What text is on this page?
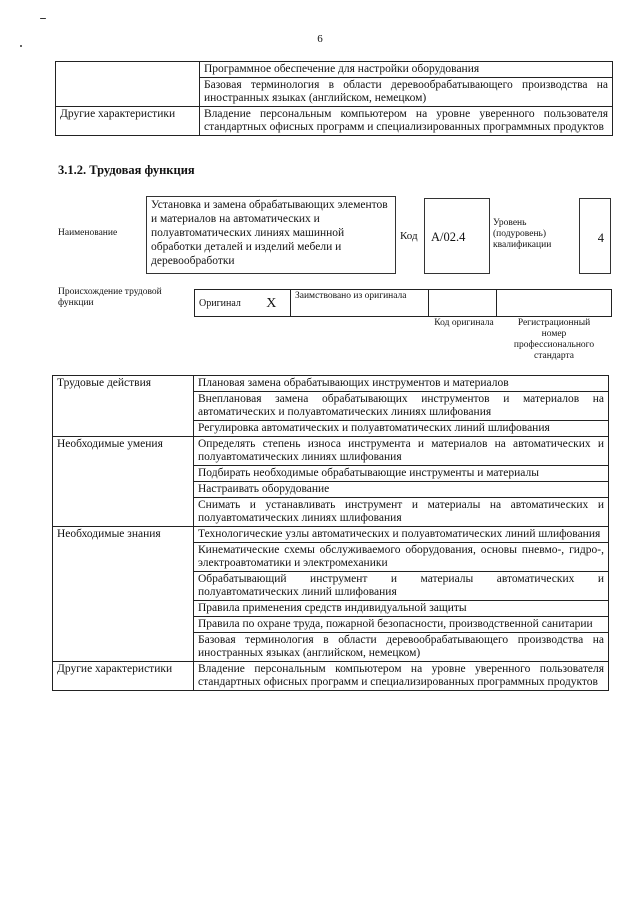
6
	Программное обеспечение для настройки оборудования
	Базовая терминология в области деревообрабатывающего производства на иностранных языках (английском, немецком)
Другие характеристики	Владение персональным компьютером на уровне уверенного пользователя стандартных офисных программ и специализированных программных продуктов
3.1.2. Трудовая функция
Наименование
Установка и замена обрабатывающих элементов и материалов на автоматических и полуавтоматических линиях машинной обработки деталей и изделий мебели и деревообработки
Код A/02.4
Уровень (подуровень) квалификации	4
Происхождение трудовой функции	Оригинал	X	Заимствовано из оригинала		
Код оригинала	Регистрационный номер профессионального стандарта
Трудовые действия	Плановая замена обрабатывающих инструментов и материалов
	Внеплановая замена обрабатывающих инструментов и материалов на автоматических и полуавтоматических линиях шлифования
	Регулировка автоматических и полуавтоматических линий шлифования
Необходимые умения	Определять степень износа инструмента и материалов на автоматических и полуавтоматических линиях шлифования
	Подбирать необходимые обрабатывающие инструменты и материалы
	Настраивать оборудование
	Снимать и устанавливать инструмент и материалы на автоматических и полуавтоматических линиях шлифования
Необходимые знания	Технологические узлы автоматических и полуавтоматических линий шлифования
	Кинематические схемы обслуживаемого оборудования, основы пневмо-, гидро-, электроавтоматики и электромеханики
	Обрабатывающий инструмент и материалы автоматических и полуавтоматических линий шлифования
	Правила применения средств индивидуальной защиты
	Правила по охране труда, пожарной безопасности, производственной санитарии
	Базовая терминология в области деревообрабатывающего производства на иностранных языках (английском, немецком)
Другие характеристики	Владение персональным компьютером на уровне уверенного пользователя стандартных офисных программ и специализированных программных продуктов
